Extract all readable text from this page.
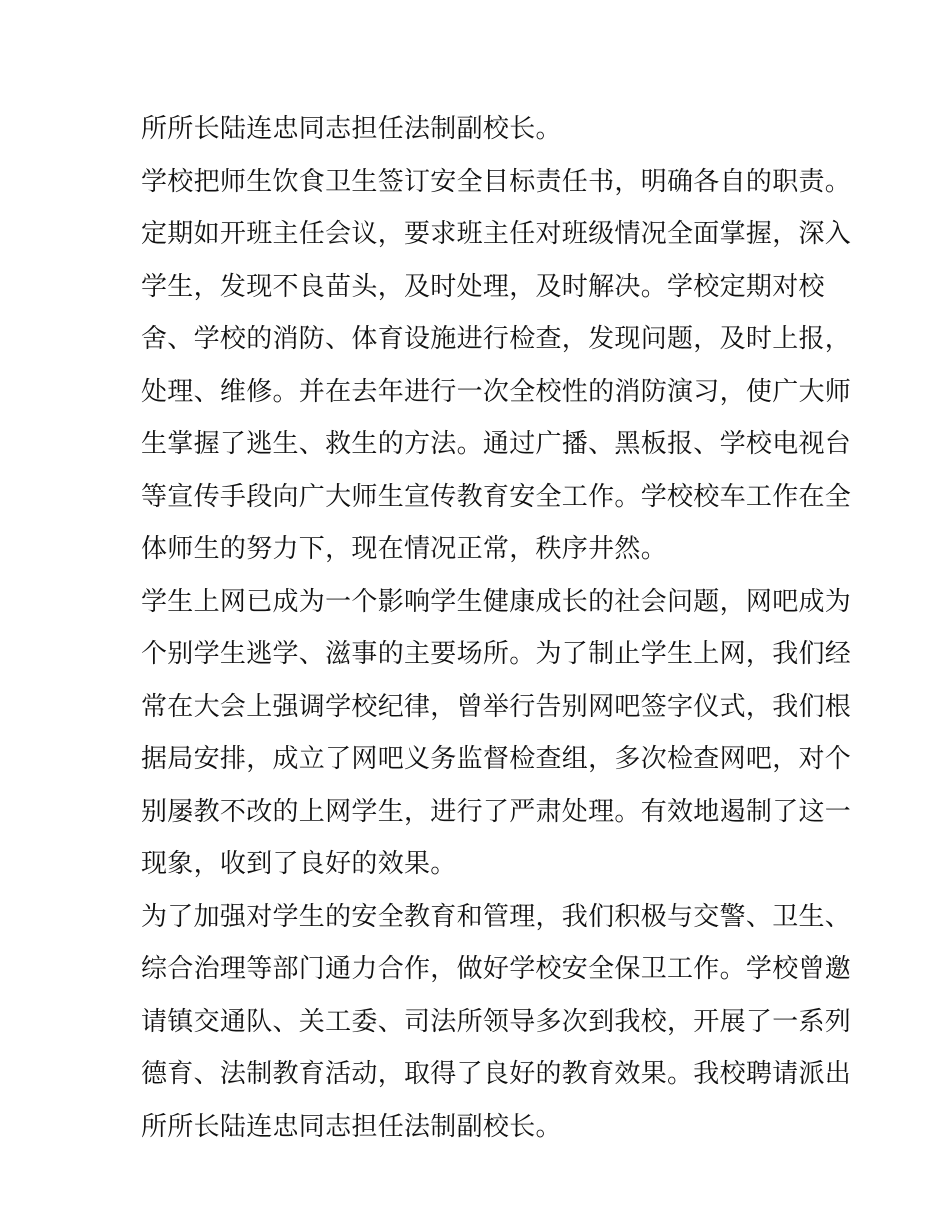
所所长陆连忠同志担任法制副校长。

学校把师生饮食卫生签订安全目标责任书，明确各自的职责。
定期如开班主任会议，要求班主任对班级情况全面掌握，深入
学生，发现不良苗头，及时处理，及时解决。学校定期对校
舍、学校的消防、体育设施进行检查，发现问题，及时上报，
处理、维修。并在去年进行一次全校性的消防演习，使广大师
生掌握了逃生、救生的方法。通过广播、黑板报、学校电视台
等宣传手段向广大师生宣传教育安全工作。学校校车工作在全
体师生的努力下，现在情况正常，秩序井然。

学生上网已成为一个影响学生健康成长的社会问题，网吧成为
个别学生逃学、滋事的主要场所。为了制止学生上网，我们经
常在大会上强调学校纪律，曾举行告别网吧签字仪式，我们根
据局安排，成立了网吧义务监督检查组，多次检查网吧，对个
别屡教不改的上网学生，进行了严肃处理。有效地遏制了这一
现象，收到了良好的效果。

为了加强对学生的安全教育和管理，我们积极与交警、卫生、
综合治理等部门通力合作，做好学校安全保卫工作。学校曾邀
请镇交通队、关工委、司法所领导多次到我校，开展了一系列
德育、法制教育活动，取得了良好的教育效果。我校聘请派出
所所长陆连忠同志担任法制副校长。
